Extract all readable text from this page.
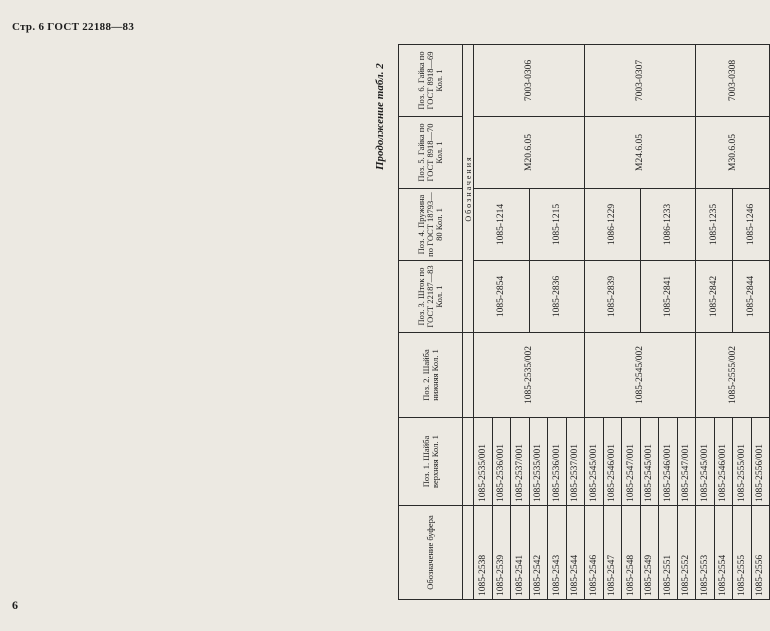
Стр. 6 ГОСТ 22188—83
6
Продолжение табл. 2
Обозначение буфера	Поз. 1. Шайба верхняя Кол. 1	Поз. 2. Шайба нижняя Кол. 1	Поз. 3. Шток по ГОСТ 22187—83 Кол. 1	Поз. 4. Пружина по ГОСТ 18793—80 Кол. 1	Поз. 5. Гайка по ГОСТ 8918—70 Кол. 1	Поз. 6. Гайка по ГОСТ 8918—69 Кол. 1
			Обозначения			
1085-2538	1085-2535/001	1085-2535/002	1085-2854	1085-1214	M20.6.05	7003-0306
1085-2539	1085-2536/001					
1085-2541	1085-2537/001					
1085-2542	1085-2535/001		1085-2836	1085-1215		
1085-2543	1085-2536/001					
1085-2544	1085-2537/001					
1085-2546	1085-2545/001	1085-2545/002	1085-2839	1086-1229	M24.6.05	7003-0307
1085-2547	1085-2546/001					
1085-2548	1085-2547/001					
1085-2549	1085-2545/001		1085-2841	1086-1233		
1085-2551	1085-2546/001					
1085-2552	1085-2547/001					
1085-2553	1085-2545/001	1085-2555/002	1085-2842	1085-1235	M30.6.05	7003-0308
1085-2554	1085-2546/001					
1085-2555	1085-2555/001		1085-2844	1085-1246		
1085-2556	1085-2556/001					
